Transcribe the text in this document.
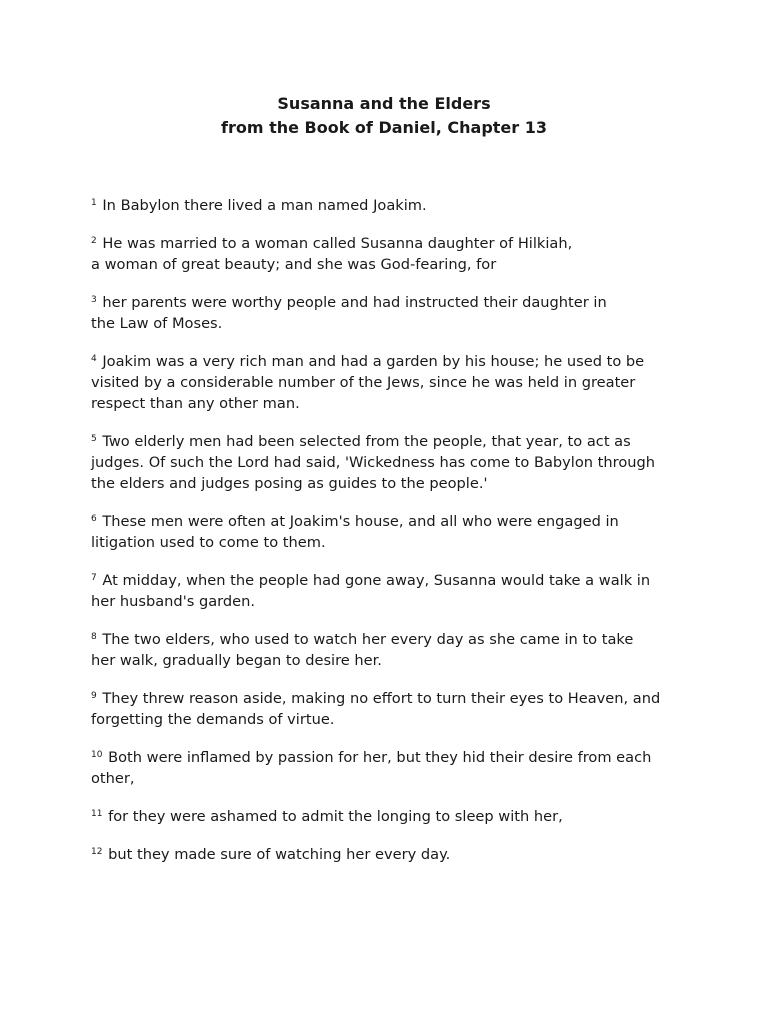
Susanna and the Elders
from the Book of Daniel, Chapter 13
$^1$ In Babylon there lived a man named Joakim.
$^2$ He was married to a woman called Susanna daughter of Hilkiah,
a woman of great beauty; and she was God-fearing, for
$^3$ her parents were worthy people and had instructed their daughter in
the Law of Moses.
$^4$ Joakim was a very rich man and had a garden by his house; he used to be
visited by a considerable number of the Jews, since he was held in greater
respect than any other man.
$^5$ Two elderly men had been selected from the people, that year, to act as
judges. Of such the Lord had said, 'Wickedness has come to Babylon through
the elders and judges posing as guides to the people.'
$^6$ These men were often at Joakim's house, and all who were engaged in
litigation used to come to them.
$^7$ At midday, when the people had gone away, Susanna would take a walk in
her husband's garden.
$^8$ The two elders, who used to watch her every day as she came in to take
her walk, gradually began to desire her.
$^9$ They threw reason aside, making no effort to turn their eyes to Heaven, and
forgetting the demands of virtue.
$^{10}$ Both were inflamed by passion for her, but they hid their desire from each
other,
$^{11}$ for they were ashamed to admit the longing to sleep with her,
$^{12}$ but they made sure of watching her every day.
